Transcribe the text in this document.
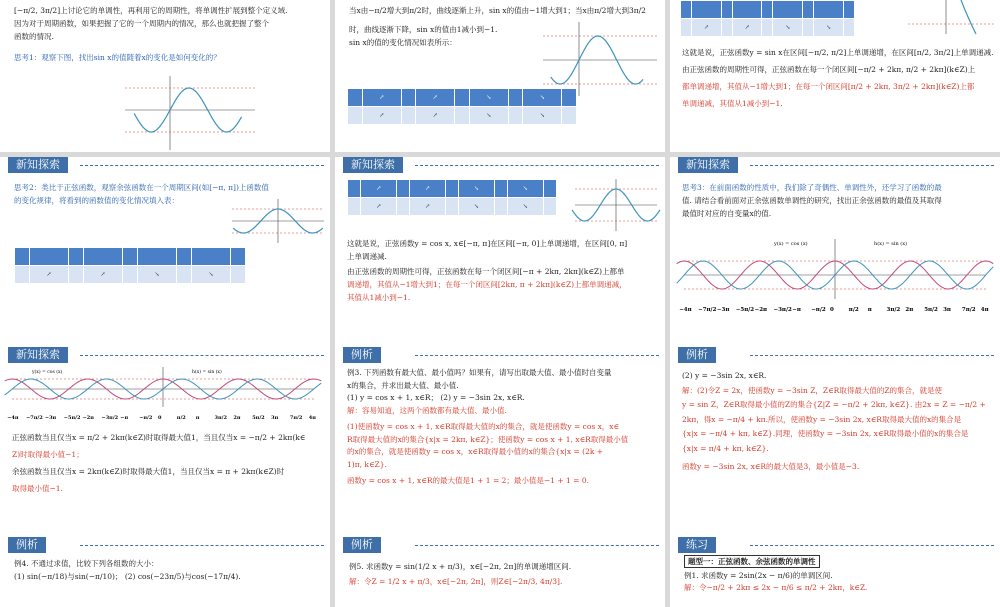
[−π/2, 3π/2]上讨论它的单调性，再利用它的周期性，将单调性扩展到整个定义域.
因为对于周期函数，如果把握了它的一个周期内的情况，那么也就把握了整个
函数的情况.
思考1：观察下图，找出sin x的值随着x的变化是如何变化的？
当x由−π/2增大到π/2时，曲线逐渐上升，sin x的值由−1增大到1；当x由π/2增大到3π/2
时，曲线逐渐下降，sin x的值由1减小到−1.
sin x的值的变化情况如表所示：
	↗		↗		↘		↘	
	↗		↗		↘		↘	

	↗		↗		↘		↘	
这就是说，正弦函数y = sin x在区间[−π/2, π/2]上单调递增，在区间[π/2, 3π/2]上单调递减.
由正弦函数的周期性可得，正弦函数在每一个闭区间[−π/2 + 2kπ, π/2 + 2kπ](k∈Z)上
都单调递增，其值从−1增大到1；在每一个闭区间[π/2 + 2kπ, 3π/2 + 2kπ](k∈Z)上都
单调递减，其值从1减小到−1.
新知探索
思考2：类比于正弦函数，观察余弦函数在一个周期区间(如[−π, π])上函数值
的变化规律，将看到的函数值的变化情况填入表：

	↗		↗		↘		↘	
新知探索
	↗		↗		↘		↘	
	↗		↗		↘		↘	
这就是说，正弦函数y = cos x, x∈[−π, π]在区间[−π, 0]上单调递增，在区间[0, π]
上单调递减.
由正弦函数的周期性可得，正弦函数在每一个闭区间[−π + 2kπ, 2kπ](k∈Z)上都单
调递增，其值从−1增大到1；在每一个闭区间[2kπ, π + 2kπ](k∈Z)上都单调递减，
其值从1减小到−1.
新知探索
思考3：在前面函数的性质中，我们除了奇偶性、单调性外，还学习了函数的最
值. 请结合看前面对正余弦函数单调性的研究，找出正余弦函数的最值及其取得
最值时对应的自变量x的值.
y(x) = cos (x)	h(x) = sin (x)
−4π −7π/2 −3π −5π/2 −2π −3π/2 −π −π/2 0	π/2 π	3π/2 2π 5π/2 3π 7π/2 4π
新知探索
y(x) = cos (x)	h(x) = sin (x)
−4π −7π/2 −3π −5π/2 −2π −3π/2 −π −π/2 0	π/2 π	3π/2 2π 5π/2 3π 7π/2 4π
正弦函数当且仅当x = π/2 + 2kπ(k∈Z)时取得最大值1，当且仅当x = −π/2 + 2kπ(k∈
Z)时取得最小值−1；
余弦函数当且仅当x = 2kπ(k∈Z)时取得最大值1，当且仅当x = π + 2kπ(k∈Z)时
取得最小值−1.
例析
例3. 下列函数有最大值、最小值吗？如果有，请写出取最大值、最小值时自变量
x的集合，并求出最大值、最小值.
(1) y = cos x + 1, x∈R； (2) y = −3sin 2x, x∈R.
解：容易知道，这两个函数都有最大值、最小值.
(1)使函数y = cos x + 1, x∈R取得最大值的x的集合，就是使函数y = cos x，x∈
R取得最大值的x的集合{x|x = 2kπ, k∈Z}；使函数y = cos x + 1, x∈R取得最小值
的x的集合，就是使函数y = cos x，x∈R取得最小值的x的集合{x|x = (2k +
1)π, k∈Z}.
函数y = cos x + 1, x∈R的最大值是1 + 1 = 2；最小值是−1 + 1 = 0.
例析
(2) y = −3sin 2x, x∈R.
解：(2)令Z = 2x，使函数y = −3sin Z，Z∈R取得最大值的Z的集合，就是使
y = sin Z，Z∈R取得最小值的Z的集合{Z|Z = −π/2 + 2kπ, k∈Z}. 由2x = Z = −π/2 +
2kπ，得x = −π/4 + kπ.所以，使函数y = −3sin 2x, x∈R取得最大值的x的集合是
{x|x = −π/4 + kπ, k∈Z}.同理，使函数y = −3sin 2x, x∈R取得最小值的x的集合是
{x|x = π/4 + kπ, k∈Z}.
函数y = −3sin 2x, x∈R的最大值是3，最小值是−3.
例析
例4. 不通过求值，比较下列各组数的大小：
(1) sin(−π/18)与sin(−π/10)； (2) cos(−23π/5)与cos(−17π/4).
例析
例5. 求函数y = sin(1/2 x + π/3)，x∈[−2π, 2π]的单调递增区间.
解：令Z = 1/2 x + π/3，x∈[−2π, 2π]，则Z∈[−2π/3, 4π/3].
练习
题型一：正弦函数、余弦函数的单调性
例1. 求函数y = 2sin(2x − π/6)的单调区间.
解：令−π/2 + 2kπ ≤ 2x − π/6 ≤ π/2 + 2kπ，k∈Z.
